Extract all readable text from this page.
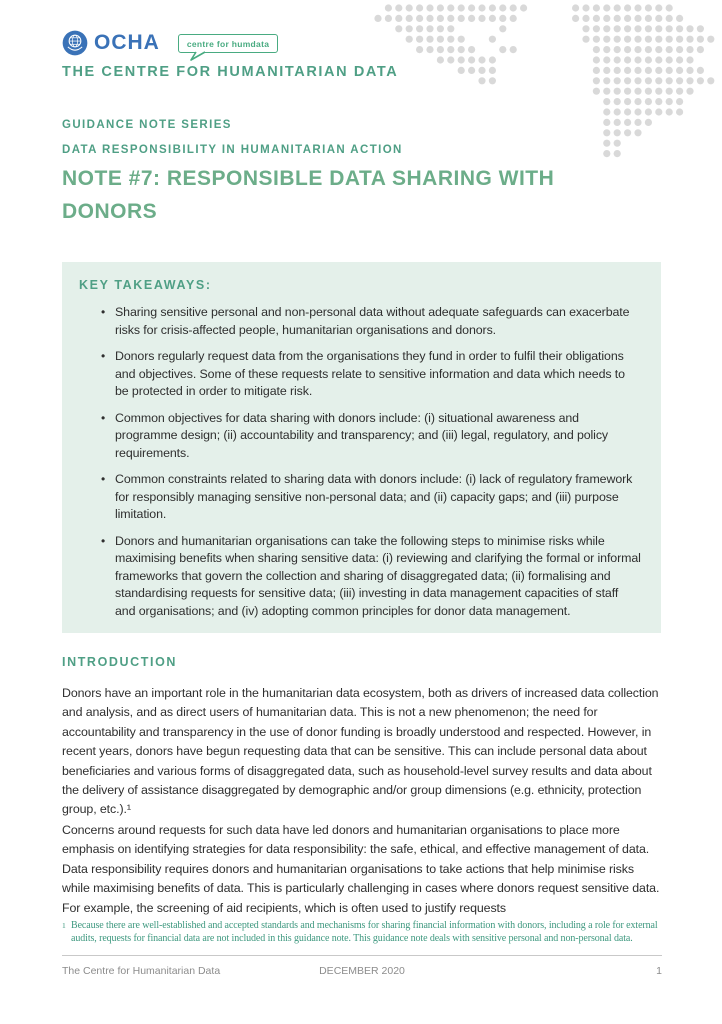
OCHA	centre for humdata
THE CENTRE FOR HUMANITARIAN DATA
GUIDANCE NOTE SERIES
DATA RESPONSIBILITY IN HUMANITARIAN ACTION
NOTE #7: RESPONSIBLE DATA SHARING WITH
DONORS
KEY TAKEAWAYS:
• Sharing sensitive personal and non-personal data without adequate safeguards can exacerbate risks for crisis-affected people, humanitarian organisations and donors.
• Donors regularly request data from the organisations they fund in order to fulfil their obligations and objectives. Some of these requests relate to sensitive information and data which needs to be protected in order to mitigate risk.
• Common objectives for data sharing with donors include: (i) situational awareness and programme design; (ii) accountability and transparency; and (iii) legal, regulatory, and policy requirements.
• Common constraints related to sharing data with donors include: (i) lack of regulatory framework for responsibly managing sensitive non-personal data; and (ii) capacity gaps; and (iii) purpose limitation.
• Donors and humanitarian organisations can take the following steps to minimise risks while maximising benefits when sharing sensitive data: (i) reviewing and clarifying the formal or informal frameworks that govern the collection and sharing of disaggregated data; (ii) formalising and standardising requests for sensitive data; (iii) investing in data management capacities of staff and organisations; and (iv) adopting common principles for donor data management.
INTRODUCTION

Donors have an important role in the humanitarian data ecosystem, both as drivers of increased data collection and analysis, and as direct users of humanitarian data. This is not a new phenomenon; the need for accountability and transparency in the use of donor funding is broadly understood and respected. However, in recent years, donors have begun requesting data that can be sensitive. This can include personal data about beneficiaries and various forms of disaggregated data, such as household-level survey results and data about the delivery of assistance disaggregated by demographic and/or group dimensions (e.g. ethnicity, protection group, etc.).¹

Concerns around requests for such data have led donors and humanitarian organisations to place more emphasis on identifying strategies for data responsibility: the safe, ethical, and effective management of data. Data responsibility requires donors and humanitarian organisations to take actions that help minimise risks while maximising benefits of data. This is particularly challenging in cases where donors request sensitive data. For example, the screening of aid recipients, which is often used to justify requests

1 Because there are well-established and accepted standards and mechanisms for sharing financial information with donors, including a role for external audits, requests for financial data are not included in this guidance note. This guidance note deals with sensitive personal and non-personal data.
The Centre for Humanitarian Data	DECEMBER 2020	1
